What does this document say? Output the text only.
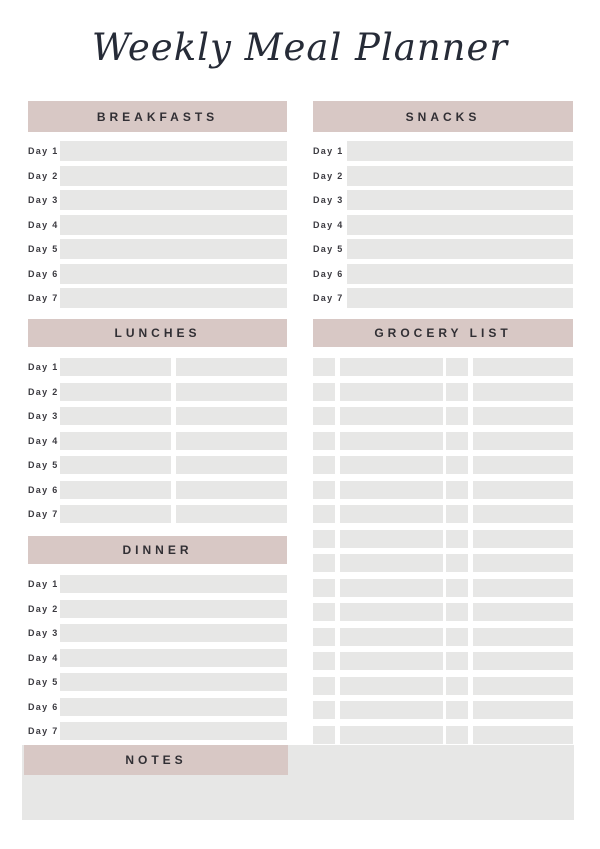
Weekly Meal Planner
BREAKFASTS
Day 1
Day 2
Day 3
Day 4
Day 5
Day 6
Day 7
SNACKS
Day 1
Day 2
Day 3
Day 4
Day 5
Day 6
Day 7
LUNCHES
Day 1
Day 2
Day 3
Day 4
Day 5
Day 6
Day 7
GROCERY LIST
DINNER
Day 1
Day 2
Day 3
Day 4
Day 5
Day 6
Day 7
NOTES
